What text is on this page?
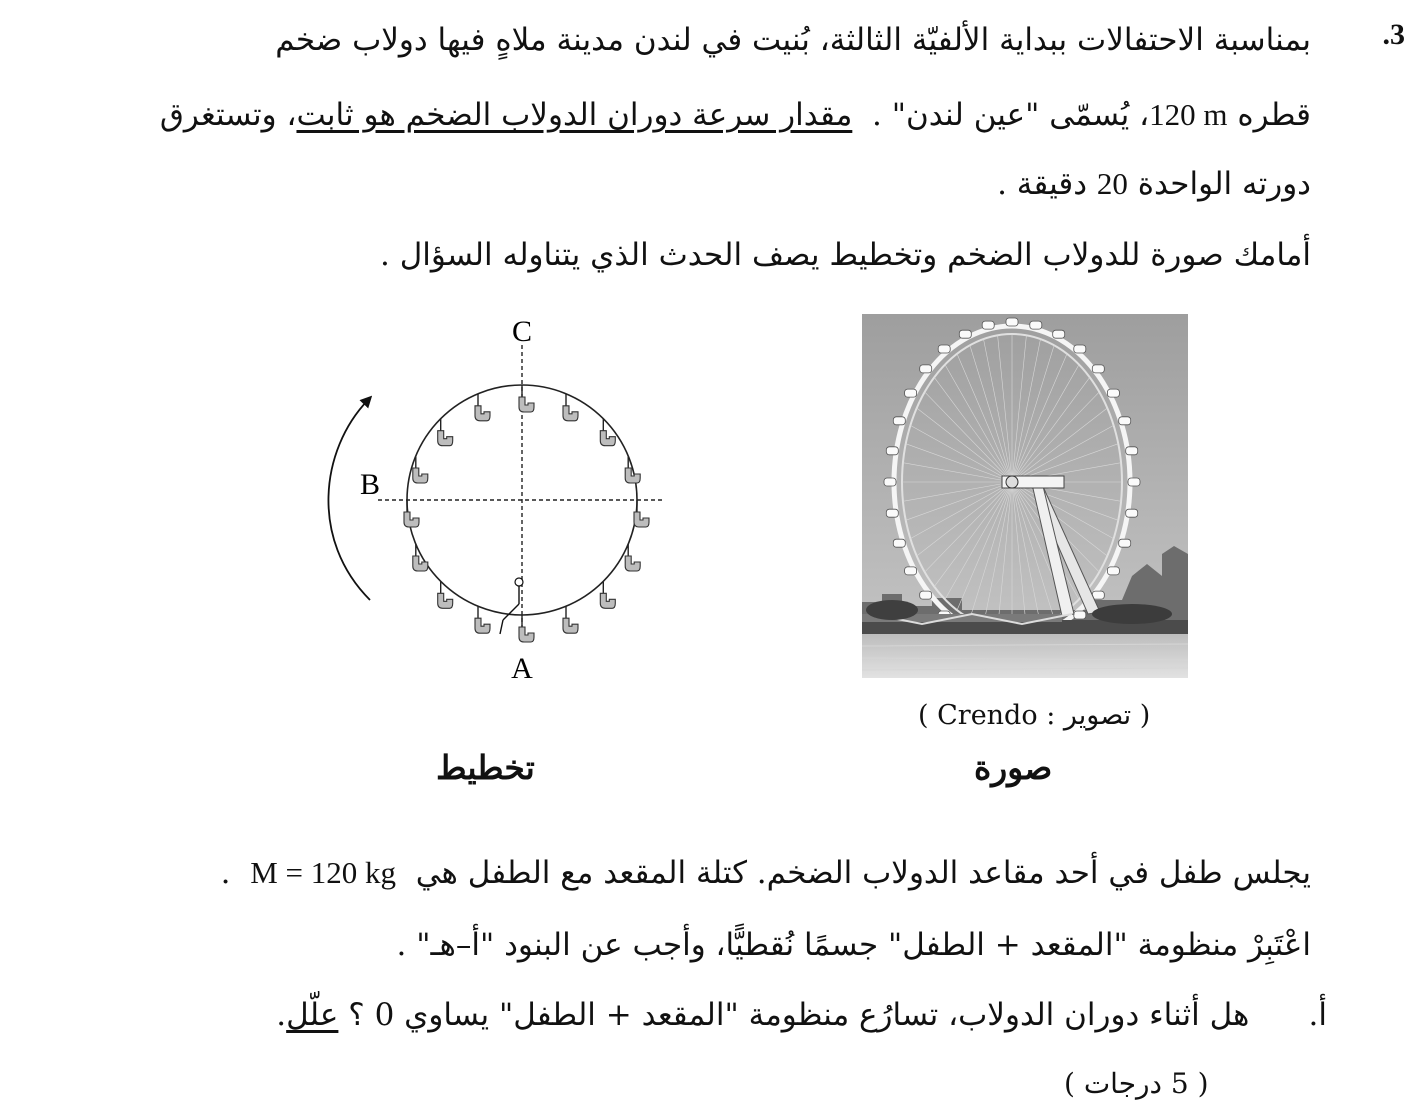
.3
بمناسبة الاحتفالات ببداية الألفيّة الثالثة، بُنيت في لندن مدينة ملاهٍ فيها دولاب ضخم
قطره 120 m، يُسمّى "عين لندن" .  مقدار سرعة دوران الدولاب الضخم هو ثابت، وتستغرق
دورته الواحدة 20 دقيقة .
أمامك صورة للدولاب الضخم وتخطيط يصف الحدث الذي يتناوله السؤال .
C
A
B
( تصوير : Crendo )
تخطيط	صورة
يجلس طفل في أحد مقاعد الدولاب الضخم. كتلة المقعد مع الطفل هي  M = 120 kg  .
اعْتَبِرْ منظومة "المقعد + الطفل" جسمًا نُقطيًّا، وأجب عن البنود "أ–هـ" .
أ.      هل أثناء دوران الدولاب، تسارُع منظومة "المقعد + الطفل" يساوي 0 ؟ علّل.
( 5 درجات )
